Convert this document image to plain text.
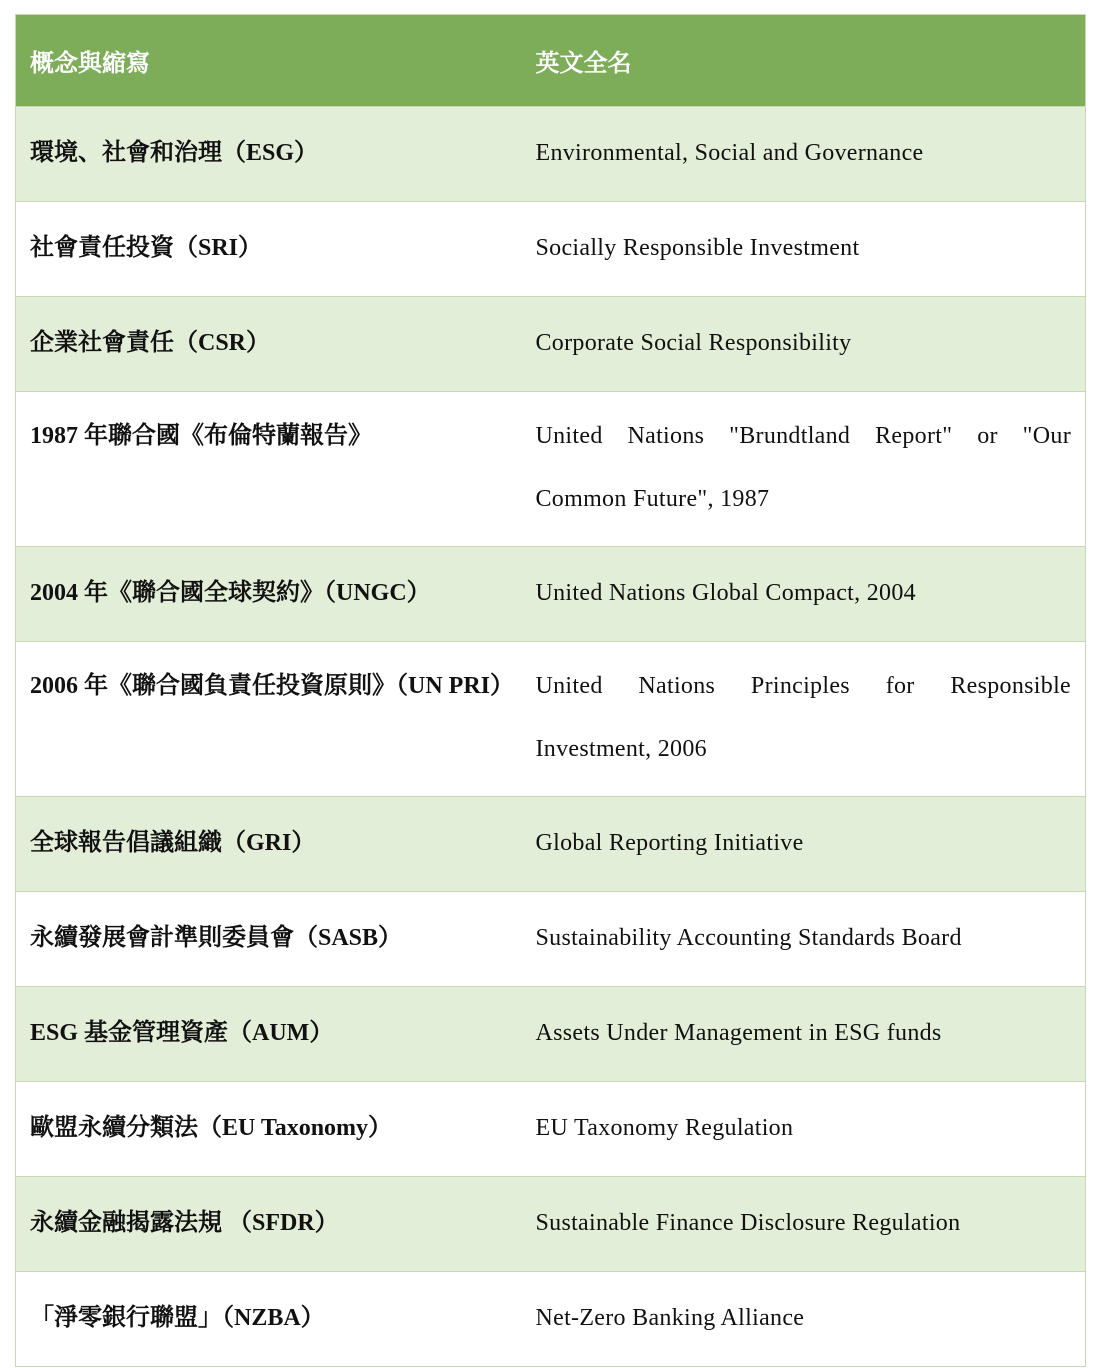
概念與縮寫	英文全名
環境、社會和治理（ESG）	Environmental, Social and Governance
社會責任投資（SRI）	Socially Responsible Investment
企業社會責任（CSR）	Corporate Social Responsibility
1987 年聯合國《布倫特蘭報告》	United Nations "Brundtland Report" or "Our Common Future", 1987
2004 年《聯合國全球契約》（UNGC）	United Nations Global Compact, 2004
2006 年《聯合國負責任投資原則》（UN PRI）	United Nations Principles for Responsible Investment, 2006
全球報告倡議組織（GRI）	Global Reporting Initiative
永續發展會計準則委員會（SASB）	Sustainability Accounting Standards Board
ESG 基金管理資產（AUM）	Assets Under Management in ESG funds
歐盟永續分類法（EU Taxonomy）	EU Taxonomy Regulation
永續金融揭露法規 （SFDR）	Sustainable Finance Disclosure Regulation
「淨零銀行聯盟」（NZBA）	Net-Zero Banking Alliance
